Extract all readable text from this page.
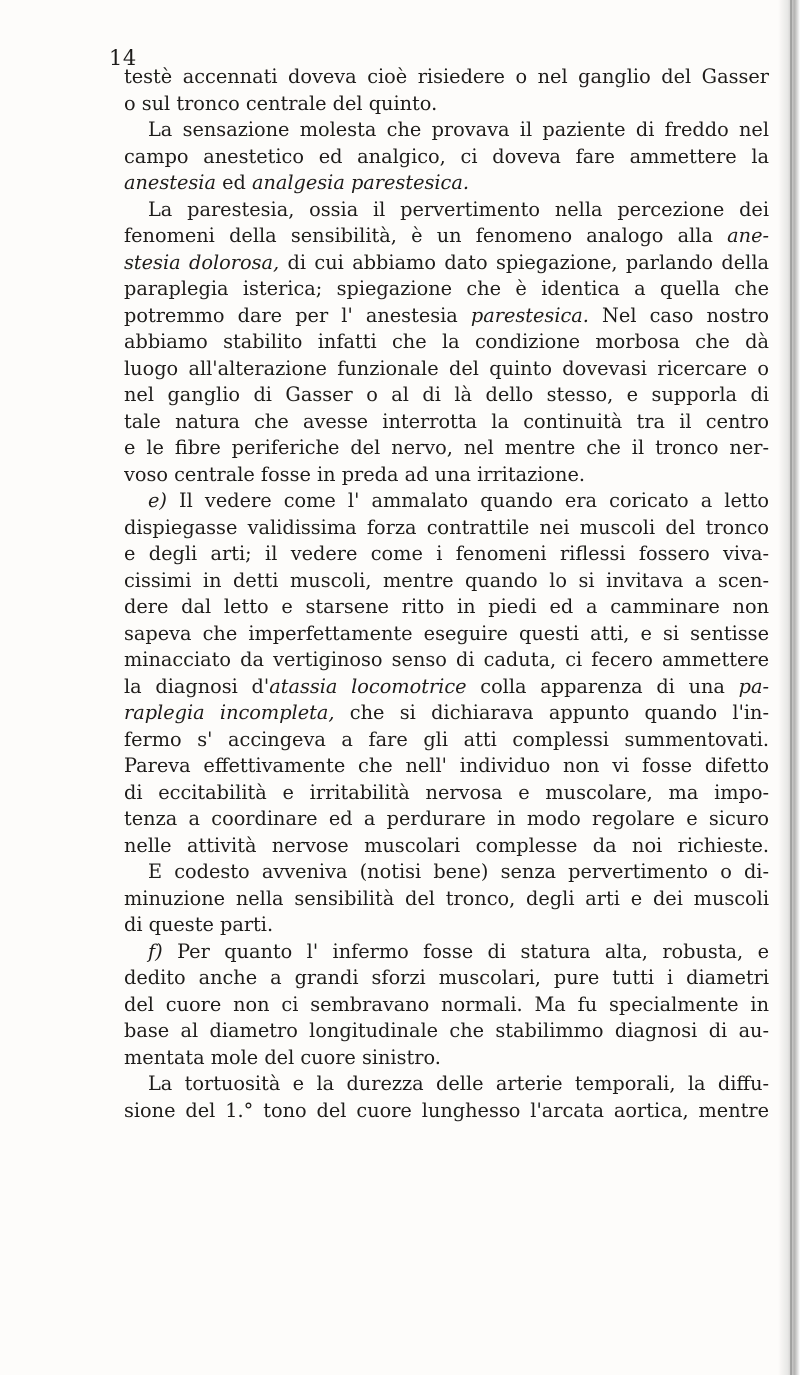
14
testè accennati doveva cioè risiedere o nel ganglio del Gasser
o sul tronco centrale del quinto.
La sensazione molesta che provava il paziente di freddo nel
campo anestetico ed analgico, ci doveva fare ammettere la
anestesia ed analgesia parestesica.
La parestesia, ossia il pervertimento nella percezione dei
fenomeni della sensibilità, è un fenomeno analogo alla ane-
stesia dolorosa, di cui abbiamo dato spiegazione, parlando della
paraplegia isterica; spiegazione che è identica a quella che
potremmo dare per l' anestesia parestesica. Nel caso nostro
abbiamo stabilito infatti che la condizione morbosa che dà
luogo all'alterazione funzionale del quinto dovevasi ricercare o
nel ganglio di Gasser o al di là dello stesso, e supporla di
tale natura che avesse interrotta la continuità tra il centro
e le fibre periferiche del nervo, nel mentre che il tronco ner-
voso centrale fosse in preda ad una irritazione.
e) Il vedere come l' ammalato quando era coricato a letto
dispiegasse validissima forza contrattile nei muscoli del tronco
e degli arti; il vedere come i fenomeni riflessi fossero viva-
cissimi in detti muscoli, mentre quando lo si invitava a scen-
dere dal letto e starsene ritto in piedi ed a camminare non
sapeva che imperfettamente eseguire questi atti, e si sentisse
minacciato da vertiginoso senso di caduta, ci fecero ammettere
la diagnosi d'atassia locomotrice colla apparenza di una pa-
raplegia incompleta, che si dichiarava appunto quando l'in-
fermo s' accingeva a fare gli atti complessi summentovati.
Pareva effettivamente che nell' individuo non vi fosse difetto
di eccitabilità e irritabilità nervosa e muscolare, ma impo-
tenza a coordinare ed a perdurare in modo regolare e sicuro
nelle attività nervose muscolari complesse da noi richieste.
E codesto avveniva (notisi bene) senza pervertimento o di-
minuzione nella sensibilità del tronco, degli arti e dei muscoli
di queste parti.
f) Per quanto l' infermo fosse di statura alta, robusta, e
dedito anche a grandi sforzi muscolari, pure tutti i diametri
del cuore non ci sembravano normali. Ma fu specialmente in
base al diametro longitudinale che stabilimmo diagnosi di au-
mentata mole del cuore sinistro.
La tortuosità e la durezza delle arterie temporali, la diffu-
sione del 1.° tono del cuore lunghesso l'arcata aortica, mentre
